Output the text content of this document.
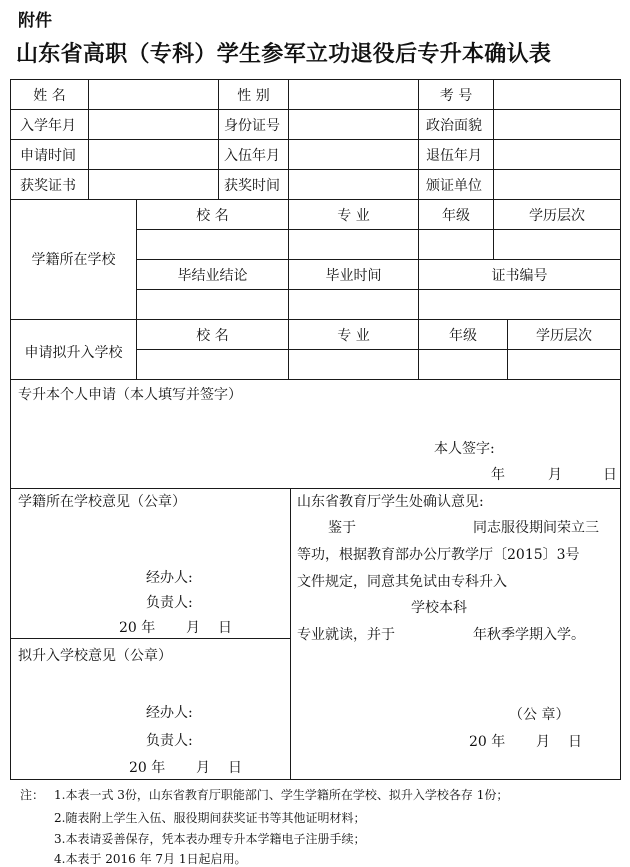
附件
山东省高职（专科）学生参军立功退役后专升本确认表
姓 名	性 别	考 号
入学年月	身份证号	政治面貌
申请时间	入伍年月	退伍年月
获奖证书	获奖时间	颁证单位
学籍所在学校
校 名	专 业	年级	学历层次
毕结业结论	毕业时间	证书编号
申请拟升入学校
校 名	专 业	年级	学历层次
专升本个人申请（本人填写并签字）
本人签字:
年	月	日
学籍所在学校意见（公章）
经办人:
负责人:
20 年 月 日
拟升入学校意见（公章）
经办人:
负责人:
20 年 月 日
山东省教育厅学生处确认意见:
鉴于	同志服役期间荣立三
等功，根据教育部办公厅教学厅〔2015〕3号
文件规定，同意其免试由专科升入
学校本科
专业就读，并于	年秋季学期入学。
（公 章）
20 年 月 日
注： 1.本表一式 3份，山东省教育厅职能部门、学生学籍所在学校、拟升入学校各存 1份；
2.随表附上学生入伍、服役期间获奖证书等其他证明材料；
3.本表请妥善保存，凭本表办理专升本学籍电子注册手续；
4.本表于 2016 年 7月 1日起启用。
